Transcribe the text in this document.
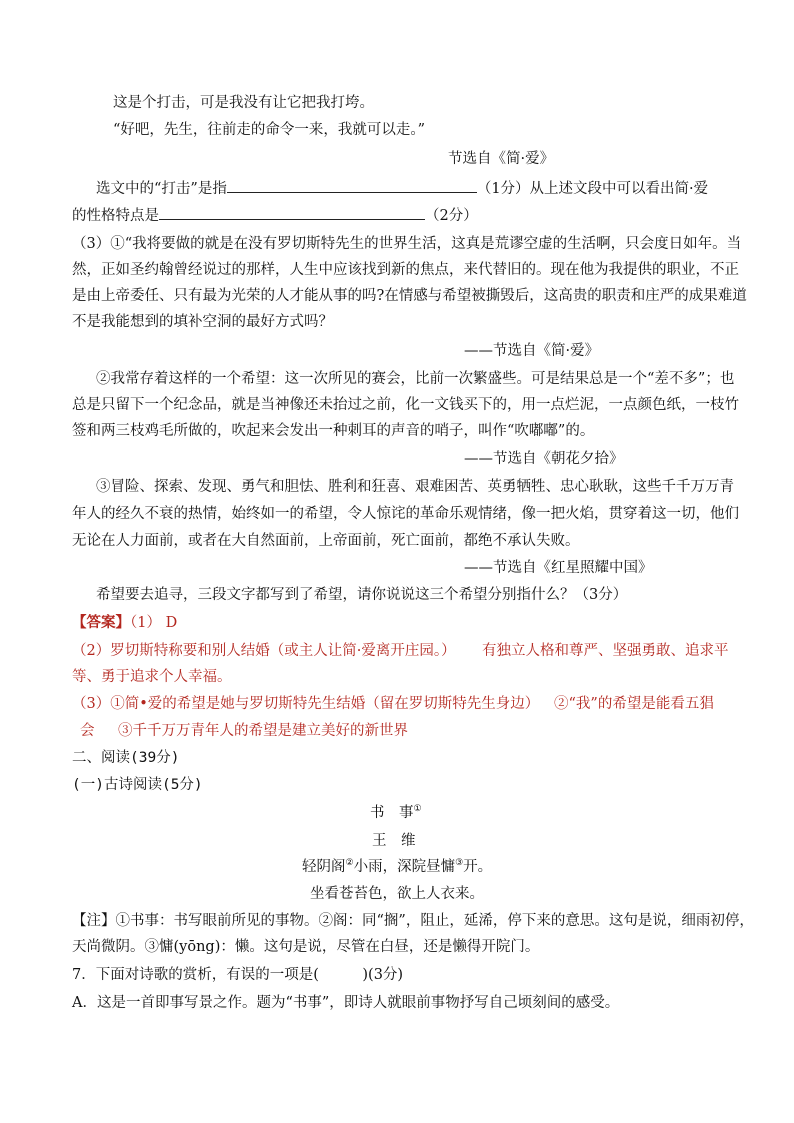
这是个打击，可是我没有让它把我打垮。
“好吧，先生，往前走的命令一来，我就可以走。”
节选自《简·爱》
选文中的“打击”是指	（1分）从上述文段中可以看出简·爱
的性格特点是	（2分）
（3）①“我将要做的就是在没有罗切斯特先生的世界生活，这真是荒谬空虚的生活啊，只会度日如年。当
然，正如圣约翰曾经说过的那样，人生中应该找到新的焦点，来代替旧的。现在他为我提供的职业，不正
是由上帝委任、只有最为光荣的人才能从事的吗?在情感与希望被撕毁后，这高贵的职责和庄严的成果难道
不是我能想到的填补空洞的最好方式吗？
——节选自《简·爱》
②我常存着这样的一个希望：这一次所见的赛会，比前一次繁盛些。可是结果总是一个“差不多”；也
总是只留下一个纪念品，就是当神像还未抬过之前，化一文钱买下的，用一点烂泥，一点颜色纸，一枝竹
签和两三枝鸡毛所做的，吹起来会发出一种刺耳的声音的哨子，叫作“吹嘟嘟”的。
——节选自《朝花夕拾》
③冒险、探索、发现、勇气和胆怯、胜利和狂喜、艰难困苦、英勇牺牲、忠心耿耿，这些千千万万青
年人的经久不衰的热情，始终如一的希望，令人惊诧的革命乐观情绪，像一把火焰，贯穿着这一切，他们
无论在人力面前，或者在大自然面前，上帝面前，死亡面前，都绝不承认失败。
——节选自《红星照耀中国》
希望要去追寻，三段文字都写到了希望，请你说说这三个希望分别指什么？（3分）
【答案】（1） D
（2）罗切斯特称要和别人结婚（或主人让简·爱离开庄园。） 有独立人格和尊严、坚强勇敢、追求平
等、勇于追求个人幸福。
（3）①简•爱的希望是她与罗切斯特先生结婚（留在罗切斯特先生身边） ②“我”的希望是能看五猖
会 ③千千万万青年人的希望是建立美好的新世界
二、阅读(39分)
(一)古诗阅读(5分)
书　事①
王　维
轻阴阁②小雨，深院昼慵③开。
坐看苍苔色，欲上人衣来。
【注】①书事：书写眼前所见的事物。②阁：同“搁”，阻止，延浠，停下来的意思。这句是说，细雨初停，
天尚微阴。③慵(yōng)：懒。这句是说，尽管在白昼，还是懒得开院门。
7．下面对诗歌的赏析，有误的一项是(　　　)(3分)
A．这是一首即事写景之作。题为“书事”，即诗人就眼前事物抒写自己顷刻间的感受。
